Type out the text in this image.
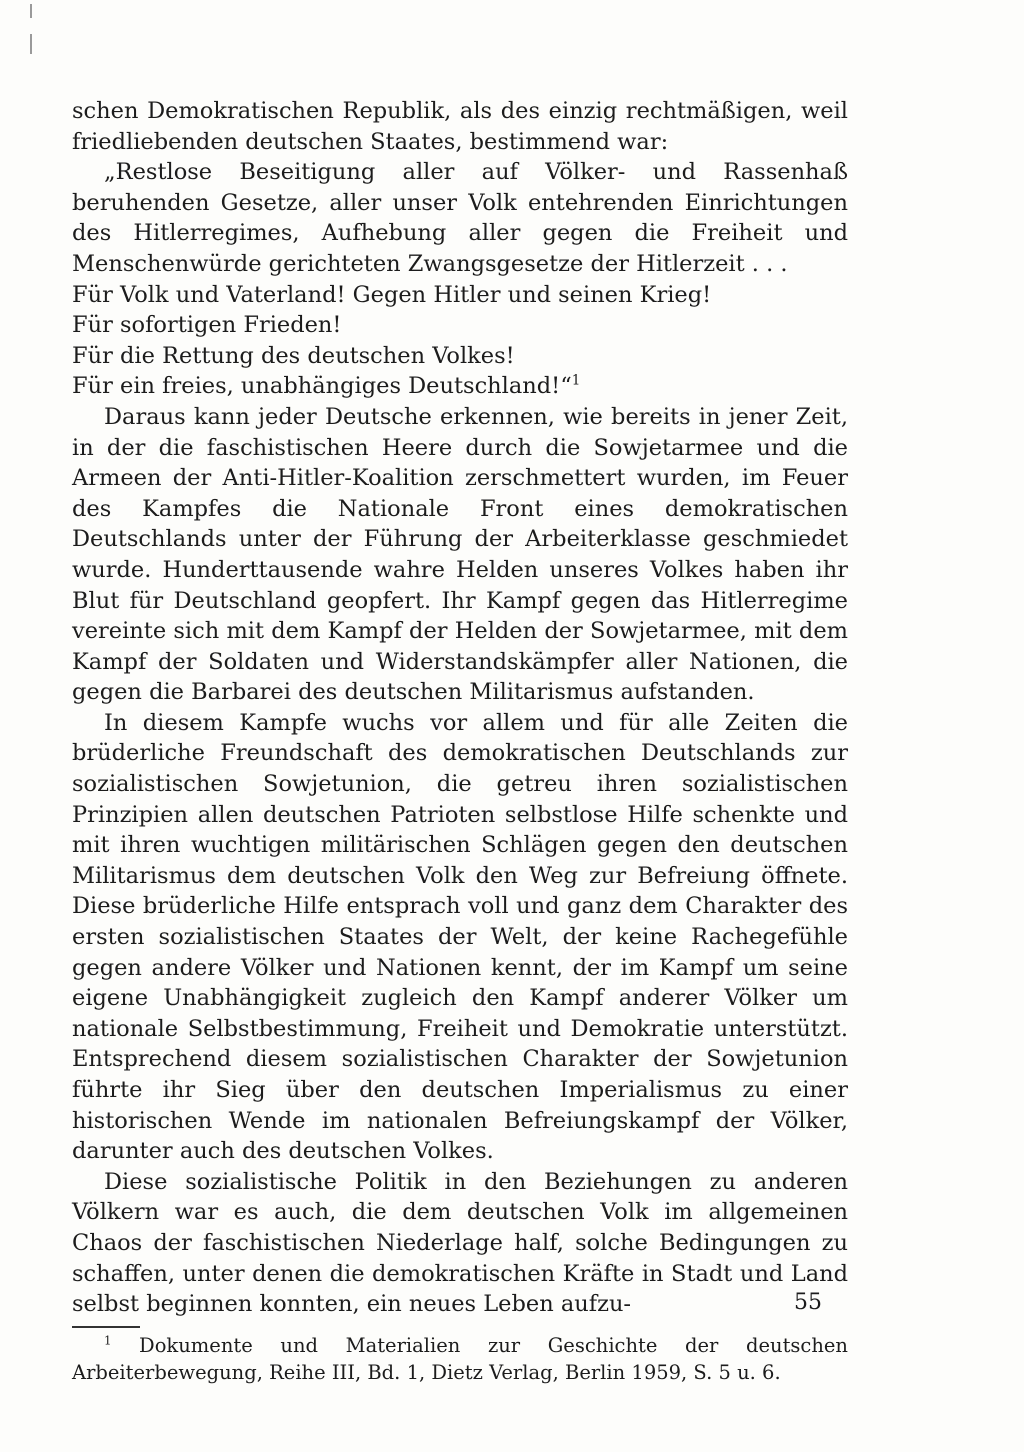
schen Demokratischen Republik, als des einzig rechtmäßigen, weil friedliebenden deutschen Staates, bestimmend war:

„Restlose Beseitigung aller auf Völker- und Rassenhaß beruhenden Gesetze, aller unser Volk entehrenden Einrichtungen des Hitlerregimes, Aufhebung aller gegen die Freiheit und Menschenwürde gerichteten Zwangsgesetze der Hitlerzeit . . .

Für Volk und Vaterland! Gegen Hitler und seinen Krieg!

Für sofortigen Frieden!

Für die Rettung des deutschen Volkes!

Für ein freies, unabhängiges Deutschland!“$^1$

Daraus kann jeder Deutsche erkennen, wie bereits in jener Zeit, in der die faschistischen Heere durch die Sowjetarmee und die Armeen der Anti-Hitler-Koalition zerschmettert wurden, im Feuer des Kampfes die Nationale Front eines demokratischen Deutschlands unter der Führung der Arbeiterklasse geschmiedet wurde. Hunderttausende wahre Helden unseres Volkes haben ihr Blut für Deutschland geopfert. Ihr Kampf gegen das Hitlerregime vereinte sich mit dem Kampf der Helden der Sowjetarmee, mit dem Kampf der Soldaten und Widerstandskämpfer aller Nationen, die gegen die Barbarei des deutschen Militarismus aufstanden.

In diesem Kampfe wuchs vor allem und für alle Zeiten die brüderliche Freundschaft des demokratischen Deutschlands zur sozialistischen Sowjetunion, die getreu ihren sozialistischen Prinzipien allen deutschen Patrioten selbstlose Hilfe schenkte und mit ihren wuchtigen militärischen Schlägen gegen den deutschen Militarismus dem deutschen Volk den Weg zur Befreiung öffnete. Diese brüderliche Hilfe entsprach voll und ganz dem Charakter des ersten sozialistischen Staates der Welt, der keine Rachegefühle gegen andere Völker und Nationen kennt, der im Kampf um seine eigene Unabhängigkeit zugleich den Kampf anderer Völker um nationale Selbstbestimmung, Freiheit und Demokratie unterstützt. Entsprechend diesem sozialistischen Charakter der Sowjetunion führte ihr Sieg über den deutschen Imperialismus zu einer historischen Wende im nationalen Befreiungskampf der Völker, darunter auch des deutschen Volkes.

Diese sozialistische Politik in den Beziehungen zu anderen Völkern war es auch, die dem deutschen Volk im allgemeinen Chaos der faschistischen Niederlage half, solche Bedingungen zu schaffen, unter denen die demokratischen Kräfte in Stadt und Land selbst beginnen konnten, ein neues Leben aufzu-

$^1$ Dokumente und Materialien zur Geschichte der deutschen Arbeiterbewegung, Reihe III, Bd. 1, Dietz Verlag, Berlin 1959, S. 5 u. 6.

55
